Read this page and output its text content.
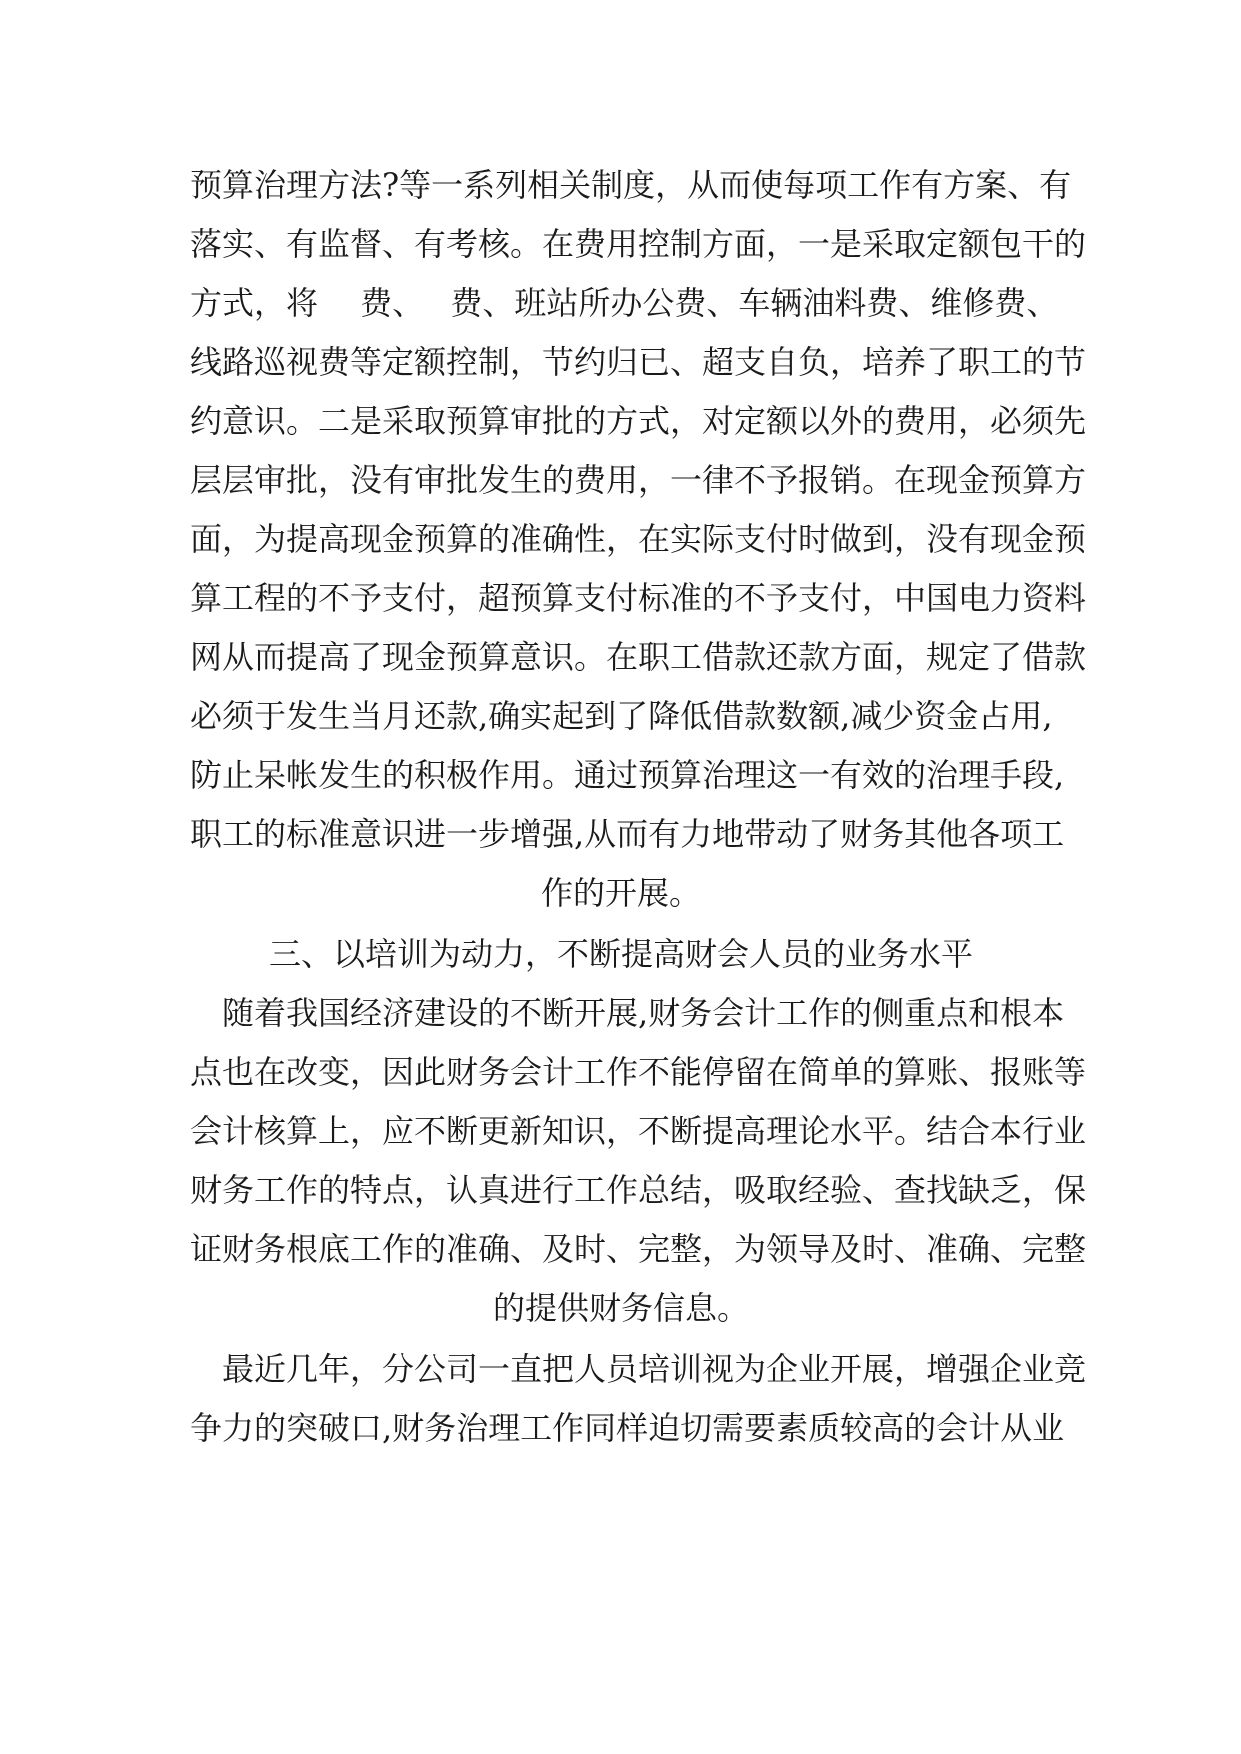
预算治理方法?等一系列相关制度，从而使每项工作有方案、有
落实、有监督、有考核。在费用控制方面，一是采取定额包干的
方式，将　 费、　 费、班站所办公费、车辆油料费、维修费、
线路巡视费等定额控制，节约归已、超支自负，培养了职工的节
约意识。二是采取预算审批的方式，对定额以外的费用，必须先
层层审批，没有审批发生的费用，一律不予报销。在现金预算方
面，为提高现金预算的准确性，在实际支付时做到，没有现金预
算工程的不予支付，超预算支付标准的不予支付，中国电力资料
网从而提高了现金预算意识。在职工借款还款方面，规定了借款
必须于发生当月还款,确实起到了降低借款数额,减少资金占用,
防止呆帐发生的积极作用。通过预算治理这一有效的治理手段,
职工的标准意识进一步增强,从而有力地带动了财务其他各项工
作的开展。
三、以培训为动力，不断提高财会人员的业务水平
随着我国经济建设的不断开展,财务会计工作的侧重点和根本
点也在改变，因此财务会计工作不能停留在简单的算账、报账等
会计核算上，应不断更新知识，不断提高理论水平。结合本行业
财务工作的特点，认真进行工作总结，吸取经验、查找缺乏，保
证财务根底工作的准确、及时、完整，为领导及时、准确、完整
的提供财务信息。
最近几年，分公司一直把人员培训视为企业开展，增强企业竞
争力的突破口,财务治理工作同样迫切需要素质较高的会计从业
